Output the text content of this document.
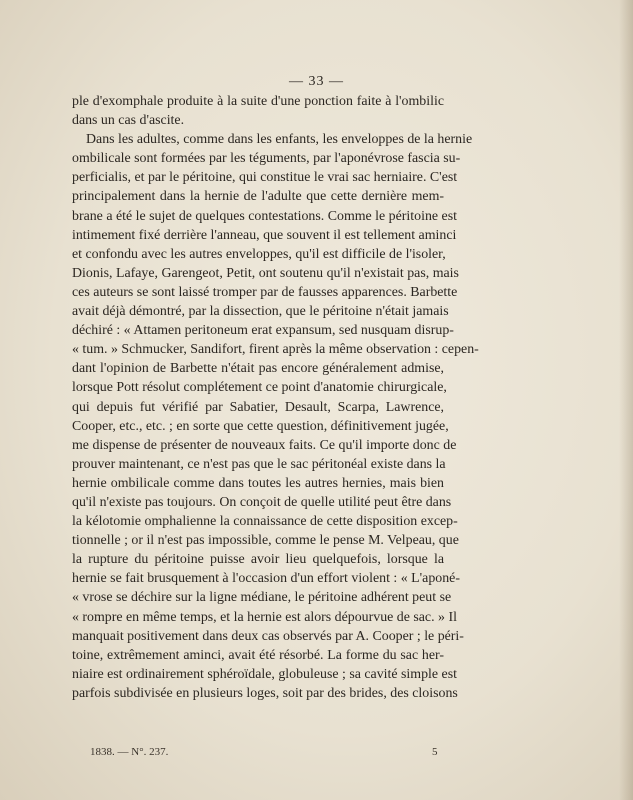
— 33 —
ple d'exomphale produite à la suite d'une ponction faite à l'ombilic
dans un cas d'ascite.
Dans les adultes, comme dans les enfants, les enveloppes de la hernie
ombilicale sont formées par les téguments, par l'aponévrose fascia su-
perficialis, et par le péritoine, qui constitue le vrai sac herniaire. C'est
principalement dans la hernie de l'adulte que cette dernière mem-
brane a été le sujet de quelques contestations. Comme le péritoine est
intimement fixé derrière l'anneau, que souvent il est tellement aminci
et confondu avec les autres enveloppes, qu'il est difficile de l'isoler,
Dionis, Lafaye, Garengeot, Petit, ont soutenu qu'il n'existait pas, mais
ces auteurs se sont laissé tromper par de fausses apparences. Barbette
avait déjà démontré, par la dissection, que le péritoine n'était jamais
déchiré : « Attamen peritoneum erat expansum, sed nusquam disrup-
« tum. » Schmucker, Sandifort, firent après la même observation : cepen-
dant l'opinion de Barbette n'était pas encore généralement admise,
lorsque Pott résolut complétement ce point d'anatomie chirurgicale,
qui depuis fut vérifié par Sabatier, Desault, Scarpa, Lawrence,
Cooper, etc., etc. ; en sorte que cette question, définitivement jugée,
me dispense de présenter de nouveaux faits. Ce qu'il importe donc de
prouver maintenant, ce n'est pas que le sac péritonéal existe dans la
hernie ombilicale comme dans toutes les autres hernies, mais bien
qu'il n'existe pas toujours. On conçoit de quelle utilité peut être dans
la kélotomie omphalienne la connaissance de cette disposition excep-
tionnelle ; or il n'est pas impossible, comme le pense M. Velpeau, que
la rupture du péritoine puisse avoir lieu quelquefois, lorsque la
hernie se fait brusquement à l'occasion d'un effort violent : « L'aponé-
« vrose se déchire sur la ligne médiane, le péritoine adhérent peut se
« rompre en même temps, et la hernie est alors dépourvue de sac. » Il
manquait positivement dans deux cas observés par A. Cooper ; le péri-
toine, extrêmement aminci, avait été résorbé. La forme du sac her-
niaire est ordinairement sphéroïdale, globuleuse ; sa cavité simple est
parfois subdivisée en plusieurs loges, soit par des brides, des cloisons
1838. — N°. 237.	5
